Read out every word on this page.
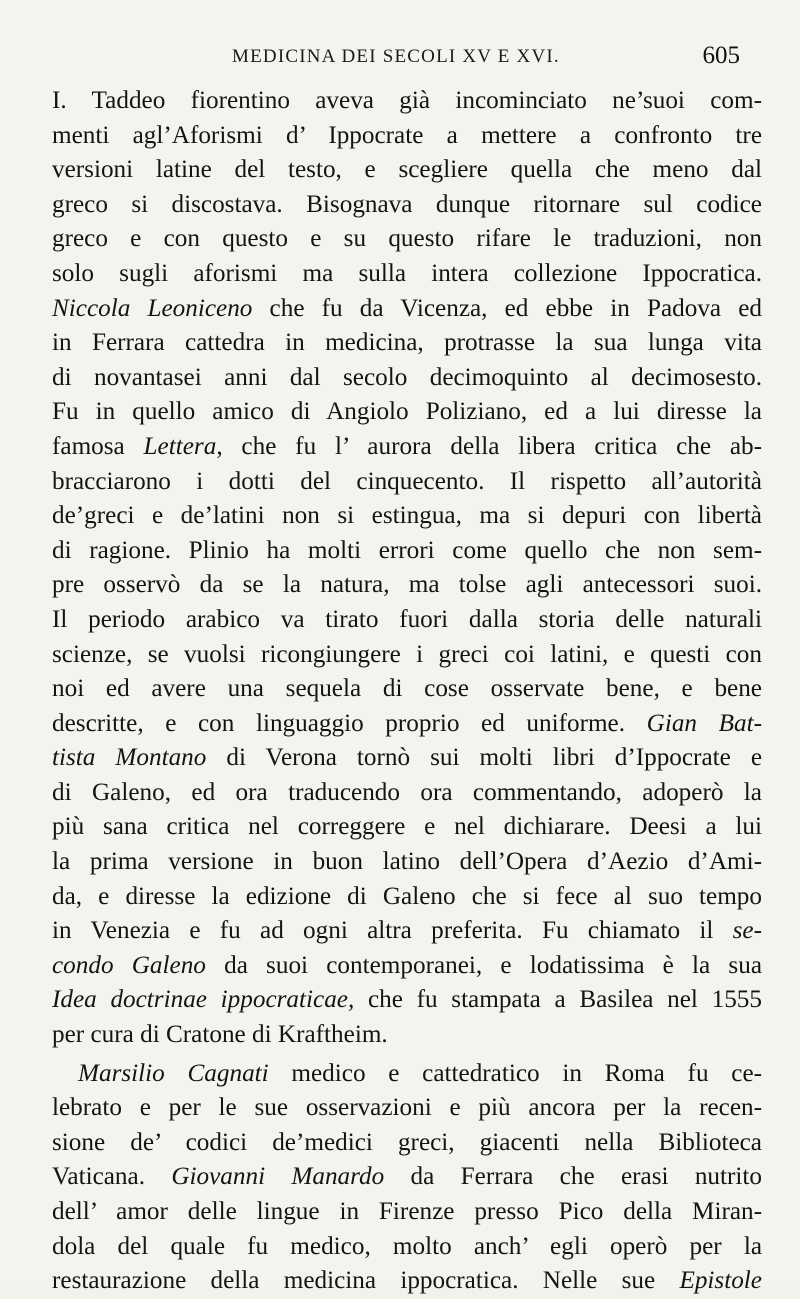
MEDICINA DEI SECOLI XV E XVI.	605
I. Taddeo fiorentino aveva già incominciato ne’suoi com-
menti agl’Aforismi d’ Ippocrate a mettere a confronto tre
versioni latine del testo, e scegliere quella che meno dal
greco si discostava. Bisognava dunque ritornare sul codice
greco e con questo e su questo rifare le traduzioni, non
solo sugli aforismi ma sulla intera collezione Ippocratica.
Niccola Leoniceno che fu da Vicenza, ed ebbe in Padova ed
in Ferrara cattedra in medicina, protrasse la sua lunga vita
di novantasei anni dal secolo decimoquinto al decimosesto.
Fu in quello amico di Angiolo Poliziano, ed a lui diresse la
famosa Lettera, che fu l’ aurora della libera critica che ab-
bracciarono i dotti del cinquecento. Il rispetto all’autorità
de’greci e de’latini non si estingua, ma si depuri con libertà
di ragione. Plinio ha molti errori come quello che non sem-
pre osservò da se la natura, ma tolse agli antecessori suoi.
Il periodo arabico va tirato fuori dalla storia delle naturali
scienze, se vuolsi ricongiungere i greci coi latini, e questi con
noi ed avere una sequela di cose osservate bene, e bene
descritte, e con linguaggio proprio ed uniforme. Gian Bat-
tista Montano di Verona tornò sui molti libri d’Ippocrate e
di Galeno, ed ora traducendo ora commentando, adoperò la
più sana critica nel correggere e nel dichiarare. Deesi a lui
la prima versione in buon latino dell’Opera d’Aezio d’Ami-
da, e diresse la edizione di Galeno che si fece al suo tempo
in Venezia e fu ad ogni altra preferita. Fu chiamato il se-
condo Galeno da suoi contemporanei, e lodatissima è la sua
Idea doctrinae ippocraticae, che fu stampata a Basilea nel 1555
per cura di Cratone di Kraftheim.
Marsilio Cagnati medico e cattedratico in Roma fu ce-
lebrato e per le sue osservazioni e più ancora per la recen-
sione de’ codici de’medici greci, giacenti nella Biblioteca
Vaticana. Giovanni Manardo da Ferrara che erasi nutrito
dell’ amor delle lingue in Firenze presso Pico della Miran-
dola del quale fu medico, molto anch’ egli operò per la
restaurazione della medicina ippocratica. Nelle sue Epistole
